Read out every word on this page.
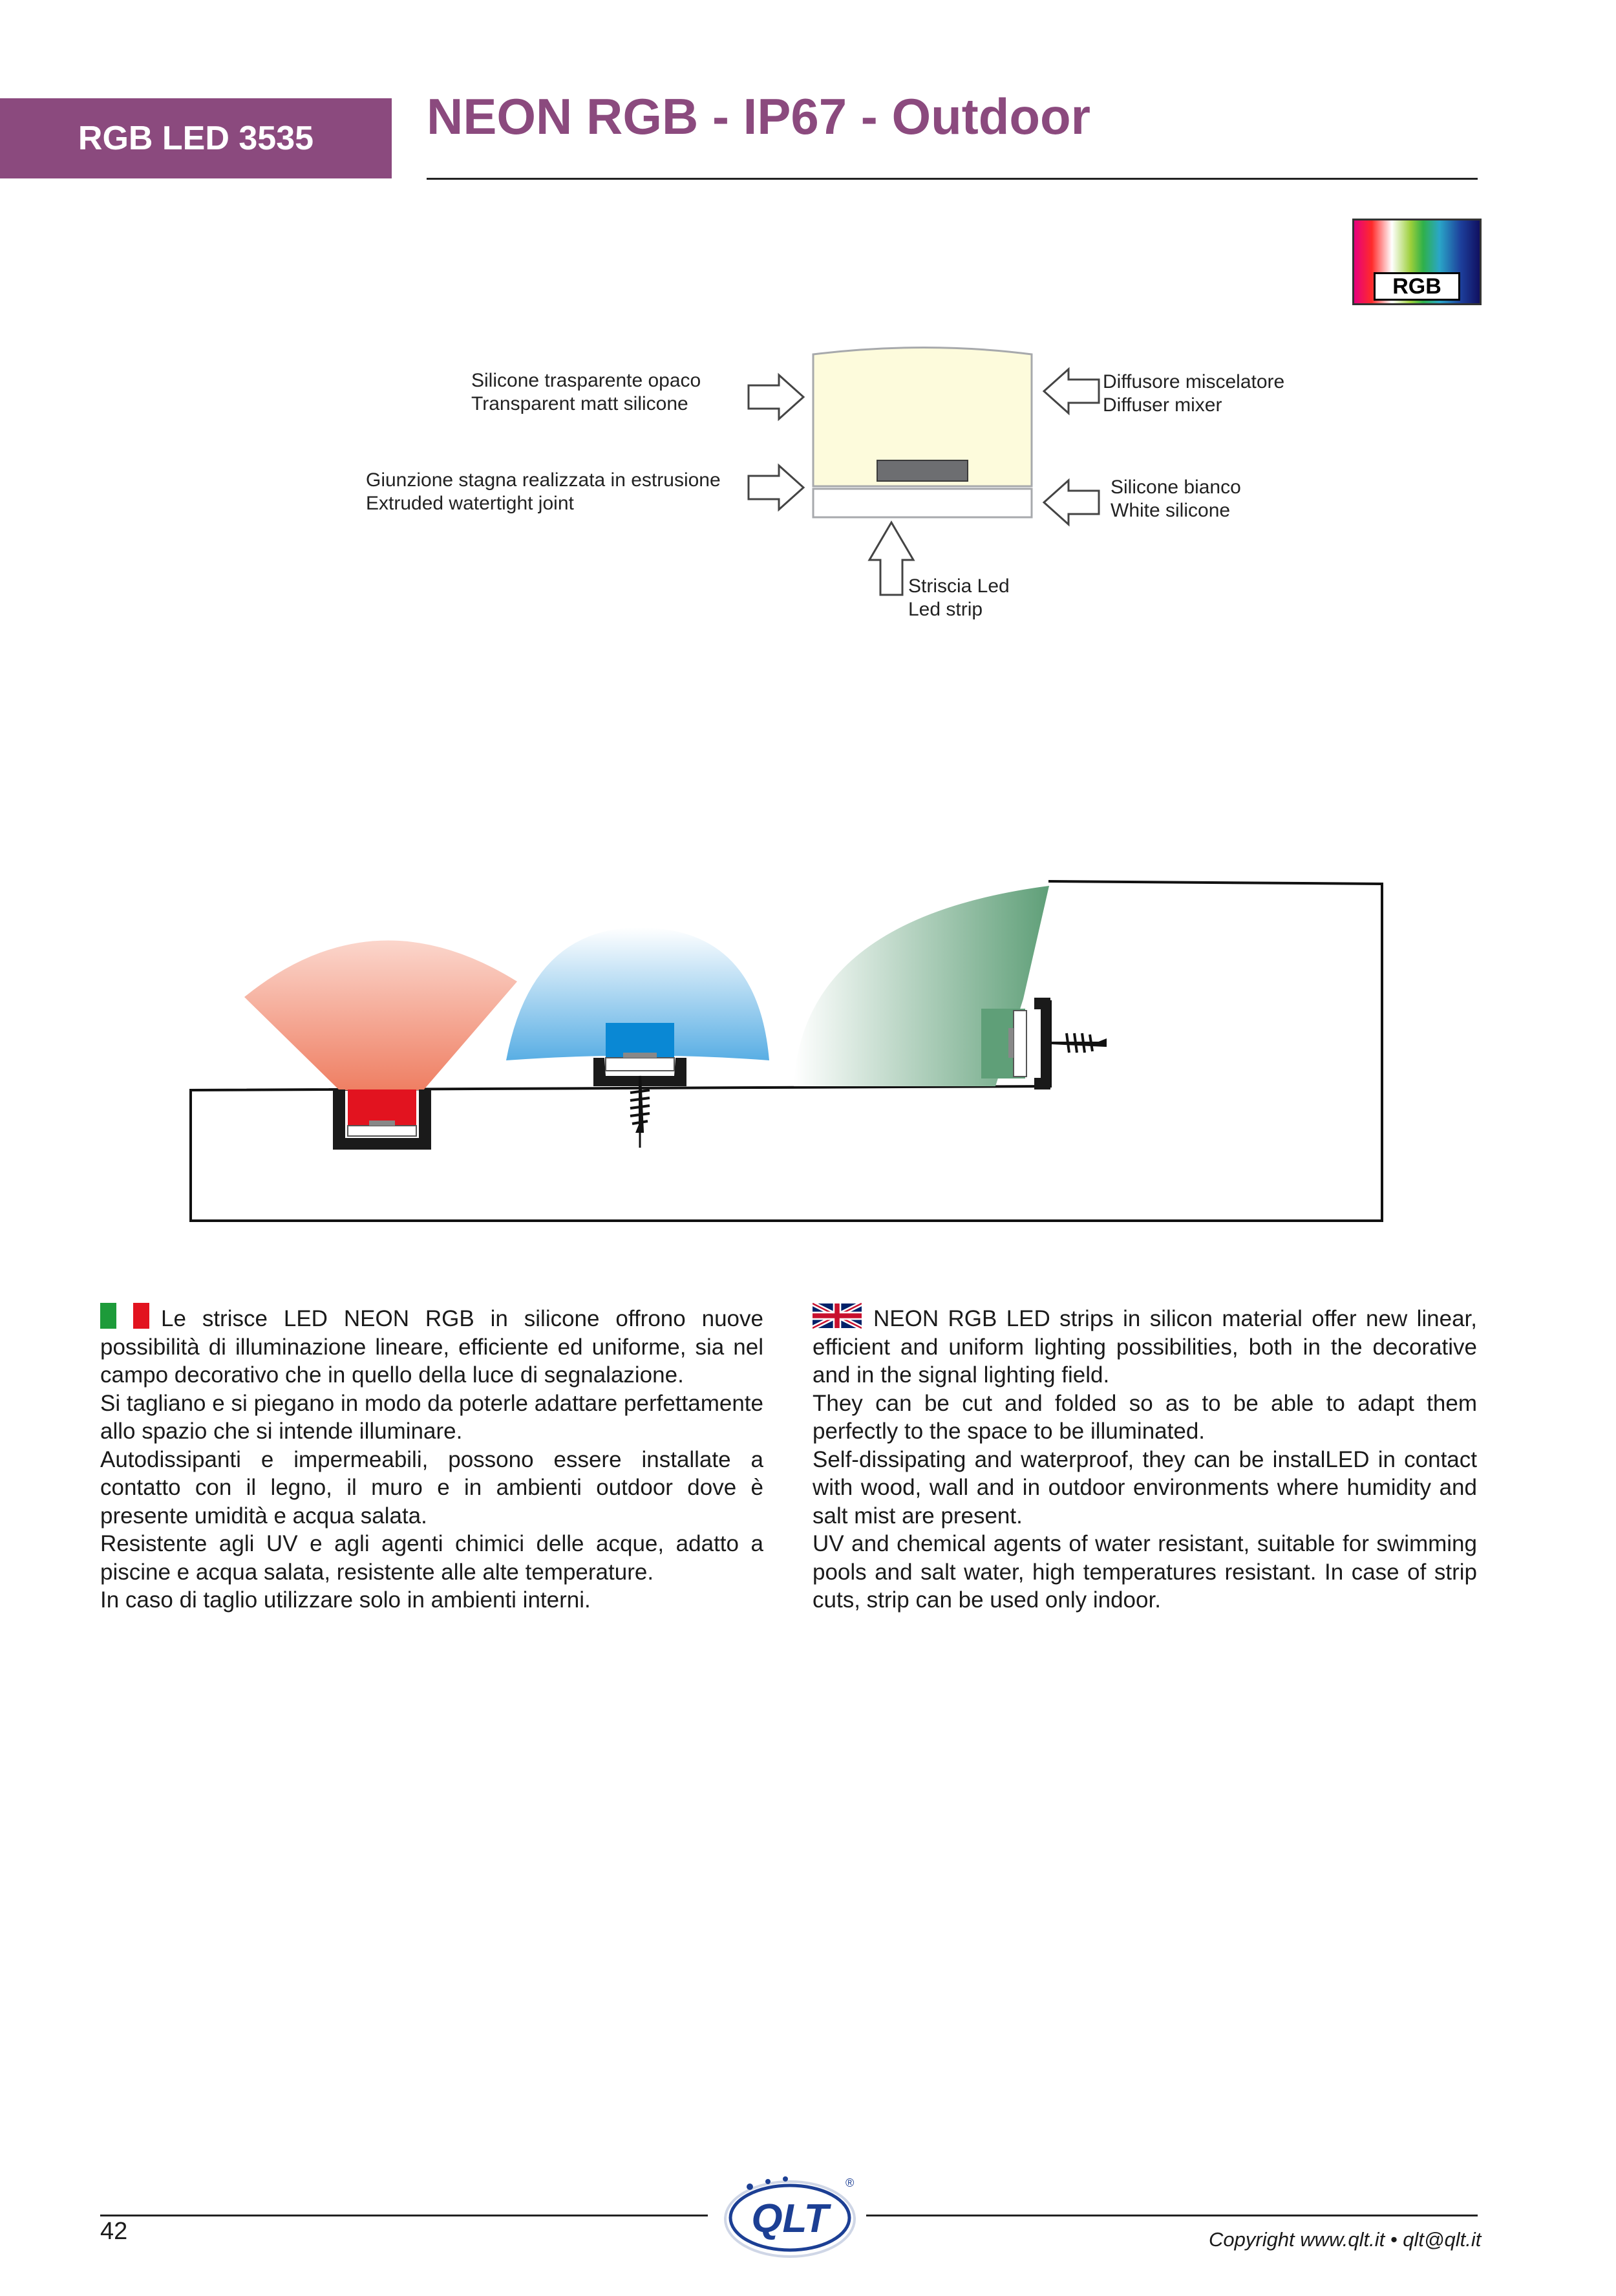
RGB LED 3535	NEON RGB - IP67 - Outdoor
RGB
Silicone trasparente opaco
Transparent matt silicone
Giunzione stagna realizzata in estrusione
Extruded watertight joint
Diffusore miscelatore
Diffuser mixer
Silicone bianco
White silicone
Striscia Led
Led strip

Le strisce LED NEON RGB in silicone offrono nuove possibilità di illuminazione lineare, efficiente ed uniforme, sia nel campo decorativo che in quello della luce di segnalazione.

Si tagliano e si piegano in modo da poterle adattare perfettamente allo spazio che si intende illuminare.

Autodissipanti e impermeabili, possono essere installate a contatto con il legno, il muro e in ambienti outdoor dove è presente umidità e acqua salata.

Resistente agli UV e agli agenti chimici delle acque, adatto a piscine e acqua salata, resistente alle alte temperature.

In caso di taglio utilizzare solo in ambienti interni.

NEON RGB LED strips in silicon material offer new linear, efficient and uniform lighting possibilities, both in the decorative and in the signal lighting field.

They can be cut and folded so as to be able to adapt them perfectly to the space to be illuminated.

Self-dissipating and waterproof, they can be instalLED in contact with wood, wall and in outdoor environments where humidity and salt mist are present.

UV and chemical agents of water resistant, suitable for swimming pools and salt water, high temperatures resistant. In case of strip cuts, strip can be used only indoor.

QLT
®
42	Copyright www.qlt.it • qlt@qlt.it
